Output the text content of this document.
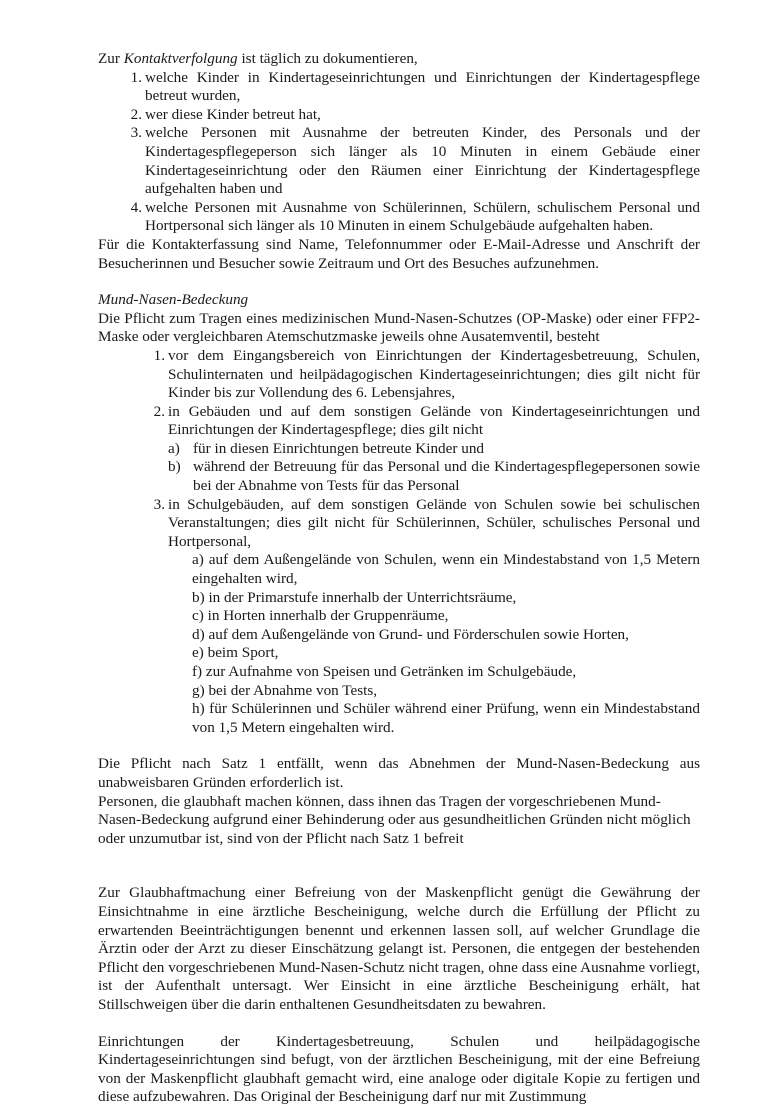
Zur Kontaktverfolgung ist täglich zu dokumentieren,

1. welche Kinder in Kindertageseinrichtungen und Einrichtungen der Kindertagespflege betreut wurden,
2. wer diese Kinder betreut hat,
3. welche Personen mit Ausnahme der betreuten Kinder, des Personals und der Kindertagespflegeperson sich länger als 10 Minuten in einem Gebäude einer Kindertageseinrichtung oder den Räumen einer Einrichtung der Kindertagespflege aufgehalten haben und
4. welche Personen mit Ausnahme von Schülerinnen, Schülern, schulischem Personal und Hortpersonal sich länger als 10 Minuten in einem Schulgebäude aufgehalten haben.

Für die Kontakterfassung sind Name, Telefonnummer oder E-Mail-Adresse und Anschrift der Besucherinnen und Besucher sowie Zeitraum und Ort des Besuches aufzunehmen.

Mund-Nasen-Bedeckung

Die Pflicht zum Tragen eines medizinischen Mund-Nasen-Schutzes (OP-Maske) oder einer FFP2-Maske oder vergleichbaren Atemschutzmaske jeweils ohne Ausatemventil, besteht

1. vor dem Eingangsbereich von Einrichtungen der Kindertagesbetreuung, Schulen, Schulinternaten und heilpädagogischen Kindertageseinrichtungen; dies gilt nicht für Kinder bis zur Vollendung des 6. Lebensjahres,
2. in Gebäuden und auf dem sonstigen Gelände von Kindertageseinrichtungen und Einrichtungen der Kindertagespflege; dies gilt nicht
a) für in diesen Einrichtungen betreute Kinder und
b) während der Betreuung für das Personal und die Kindertagespflegepersonen sowie bei der Abnahme von Tests für das Personal
3. in Schulgebäuden, auf dem sonstigen Gelände von Schulen sowie bei schulischen Veranstaltungen; dies gilt nicht für Schülerinnen, Schüler, schulisches Personal und Hortpersonal,
a) auf dem Außengelände von Schulen, wenn ein Mindestabstand von 1,5 Metern eingehalten wird,
b) in der Primarstufe innerhalb der Unterrichtsräume,
c) in Horten innerhalb der Gruppenräume,
d) auf dem Außengelände von Grund- und Förderschulen sowie Horten,
e) beim Sport,
f) zur Aufnahme von Speisen und Getränken im Schulgebäude,
g) bei der Abnahme von Tests,
h) für Schülerinnen und Schüler während einer Prüfung, wenn ein Mindestabstand von 1,5 Metern eingehalten wird.

Die Pflicht nach Satz 1 entfällt, wenn das Abnehmen der Mund-Nasen-Bedeckung aus unabweisbaren Gründen erforderlich ist.

Personen, die glaubhaft machen können, dass ihnen das Tragen der vorgeschriebenen Mund-Nasen-Bedeckung aufgrund einer Behinderung oder aus gesundheitlichen Gründen nicht möglich oder unzumutbar ist, sind von der Pflicht nach Satz 1 befreit

Zur Glaubhaftmachung einer Befreiung von der Maskenpflicht genügt die Gewährung der Einsichtnahme in eine ärztliche Bescheinigung, welche durch die Erfüllung der Pflicht zu erwartenden Beeinträchtigungen benennt und erkennen lassen soll, auf welcher Grundlage die Ärztin oder der Arzt zu dieser Einschätzung gelangt ist. Personen, die entgegen der bestehenden Pflicht den vorgeschriebenen Mund-Nasen-Schutz nicht tragen, ohne dass eine Ausnahme vorliegt, ist der Aufenthalt untersagt. Wer Einsicht in eine ärztliche Bescheinigung erhält, hat Stillschweigen über die darin enthaltenen Gesundheitsdaten zu bewahren.

Einrichtungen der Kindertagesbetreuung, Schulen und heilpädagogische

Kindertageseinrichtungen sind befugt, von der ärztlichen Bescheinigung, mit der eine Befreiung von der Maskenpflicht glaubhaft gemacht wird, eine analoge oder digitale Kopie zu fertigen und diese aufzubewahren. Das Original der Bescheinigung darf nur mit Zustimmung
